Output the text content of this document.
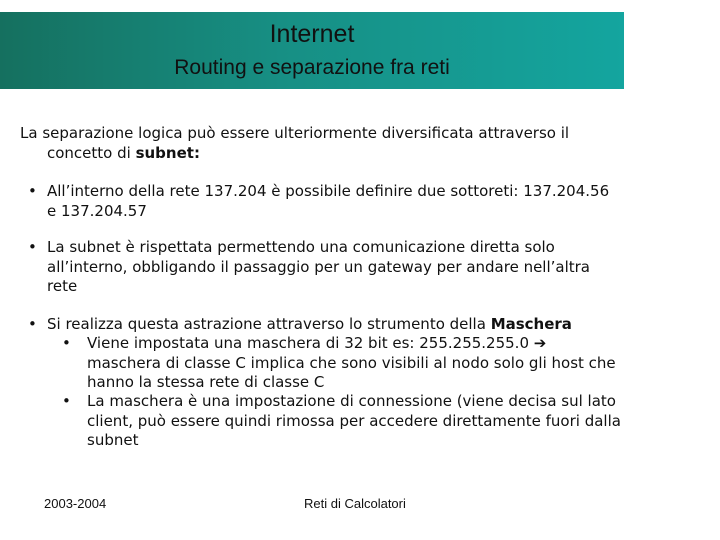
Internet
Routing e separazione fra reti
La separazione logica può essere ulteriormente diversificata attraverso il
concetto di subnet:
• All’interno della rete 137.204 è possibile definire due sottoreti: 137.204.56
e 137.204.57
• La subnet è rispettata permettendo una comunicazione diretta solo
all’interno, obbligando il passaggio per un gateway per andare nell’altra
rete
• Si realizza questa astrazione attraverso lo strumento della Maschera
• Viene impostata una maschera di 32 bit es: 255.255.255.0 ➔
maschera di classe C implica che sono visibili al nodo solo gli host che
hanno la stessa rete di classe C
• La maschera è una impostazione di connessione (viene decisa sul lato
client, può essere quindi rimossa per accedere direttamente fuori dalla
subnet
2003-2004	Reti di Calcolatori
